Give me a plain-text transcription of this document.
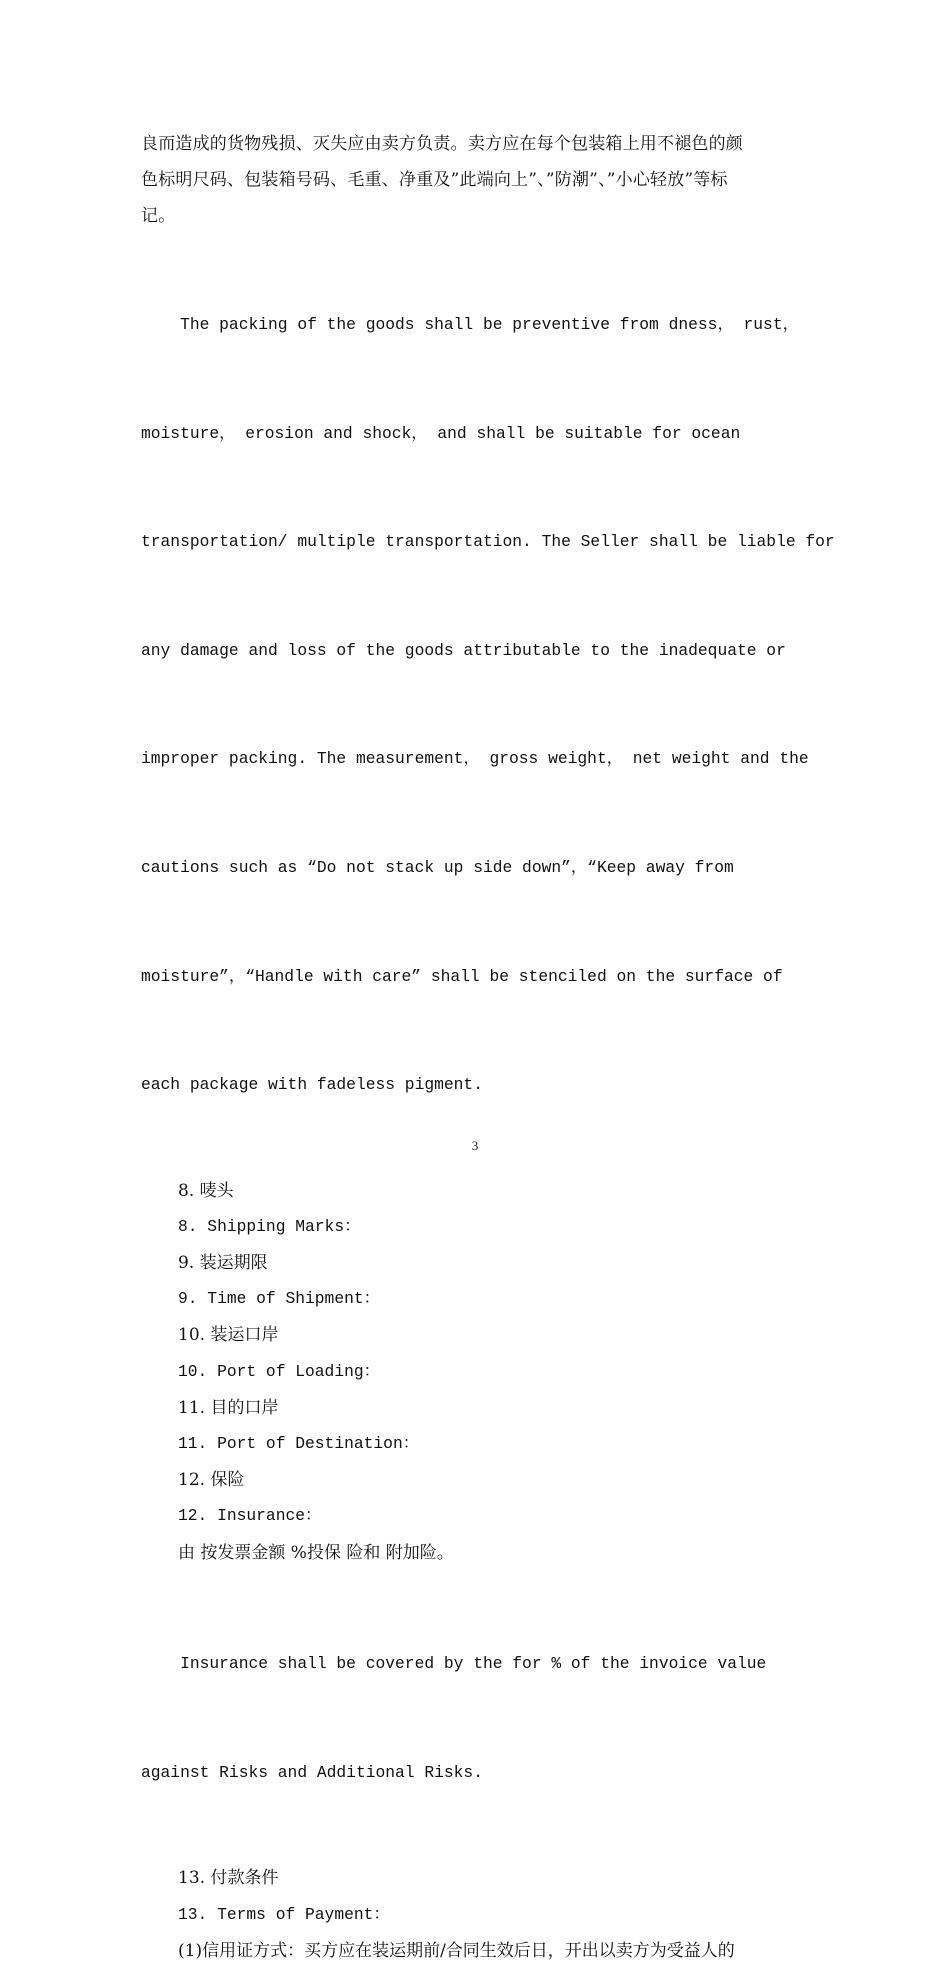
良而造成的货物残损、灭失应由卖方负责。卖方应在每个包装箱上用不褪色的颜
色标明尺码、包装箱号码、毛重、净重及”此端向上”、”防潮”、”小心轻放”等标
记。

The packing of the goods shall be preventive from dness， rust，

moisture， erosion and shock， and shall be suitable for ocean

transportation/ multiple transportation. The Seller shall be liable for

any damage and loss of the goods attributable to the inadequate or

improper packing. The measurement， gross weight， net weight and the

cautions such as “Do not stack up side down”，“Keep away from

moisture”，“Handle with care” shall be stenciled on the surface of

each package with fadeless pigment.

8. 唛头
8. Shipping Marks：
9. 装运期限
9. Time of Shipment：
10. 装运口岸
10. Port of Loading：
11. 目的口岸
11. Port of Destination：
12. 保险
12. Insurance：
由 按发票金额 %投保 险和 附加险。

Insurance shall be covered by the for % of the invoice value

against Risks and Additional Risks.

13. 付款条件
13. Terms of Payment：
(1)信用证方式：买方应在装运期前/合同生效后日，开出以卖方为受益人的
3
